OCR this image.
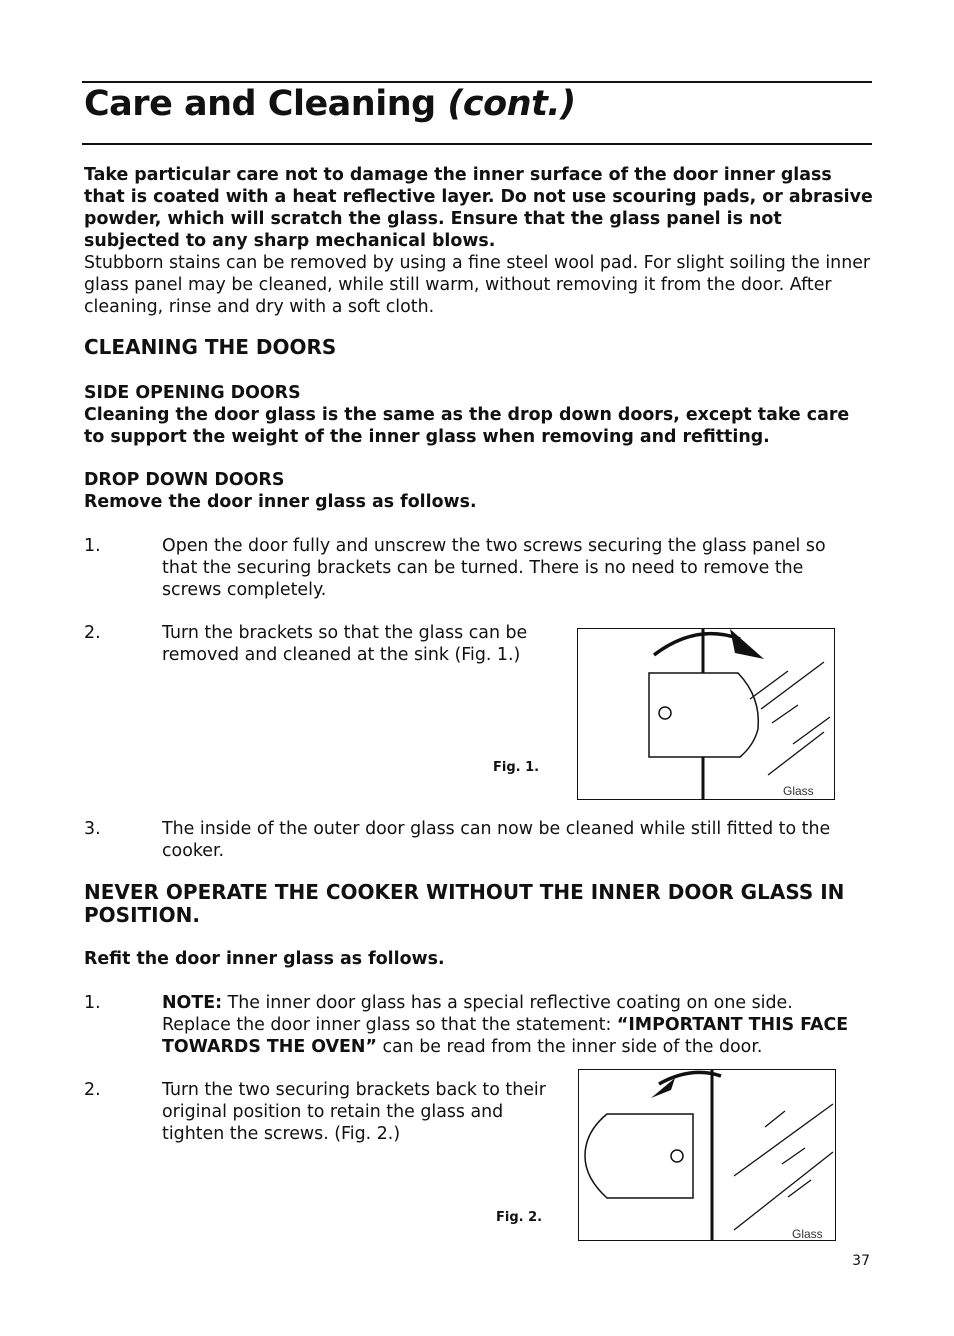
Care and Cleaning (cont.)
Take particular care not to damage the inner surface of the door inner glass that is coated with a heat reflective layer. Do not use scouring pads, or abrasive powder, which will scratch the glass. Ensure that the glass panel is not subjected to any sharp mechanical blows.
Stubborn stains can be removed by using a fine steel wool pad. For slight soiling the inner glass panel may be cleaned, while still warm, without removing it from the door. After cleaning, rinse and dry with a soft cloth.
CLEANING THE DOORS
SIDE OPENING DOORS
Cleaning the door glass is the same as the drop down doors, except take care to support the weight of the inner glass when removing and refitting.
DROP DOWN DOORS
Remove the door inner glass as follows.
1.	Open the door fully and unscrew the two screws securing the glass panel so that the securing brackets can be turned. There is no need to remove the screws completely.
2.	Turn the brackets so that the glass can be removed and cleaned at the sink (Fig. 1.)
Fig. 1.
Glass
3.	The inside of the outer door glass can now be cleaned while still fitted to the cooker.
NEVER OPERATE THE COOKER WITHOUT THE INNER DOOR GLASS IN POSITION.
Refit the door inner glass as follows.
1.	NOTE: The inner door glass has a special reflective coating on one side. Replace the door inner glass so that the statement: “IMPORTANT THIS FACE TOWARDS THE OVEN” can be read from the inner side of the door.
2.	Turn the two securing brackets back to their original position to retain the glass and tighten the screws. (Fig. 2.)
Fig. 2.
Glass
37
